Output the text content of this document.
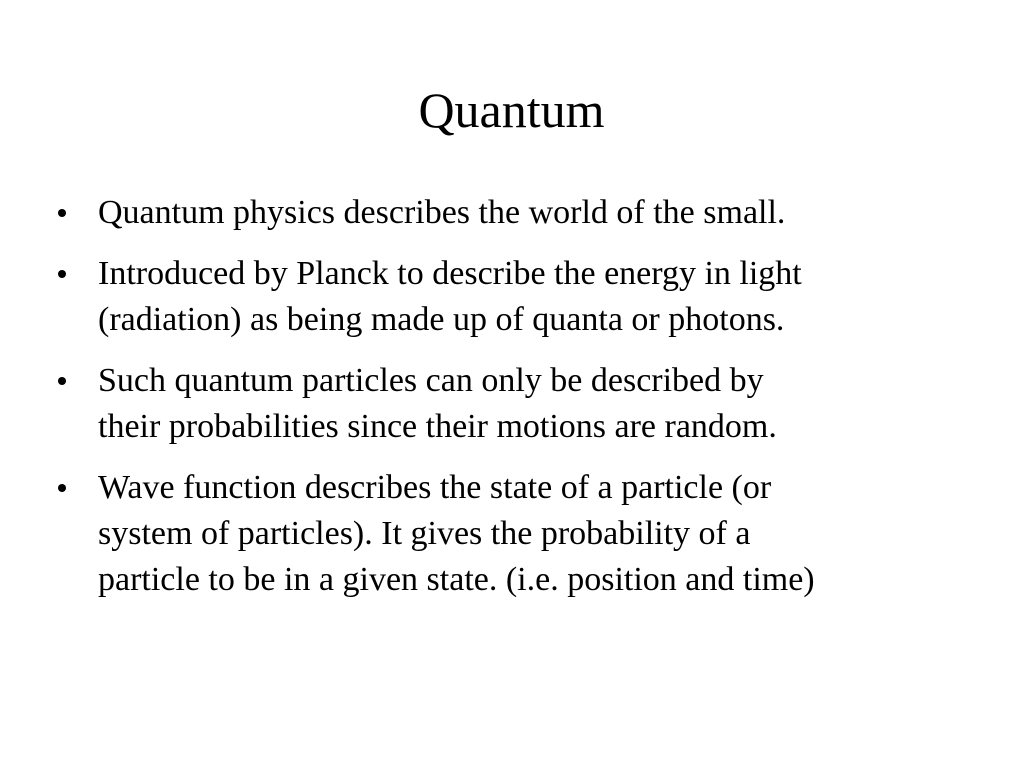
Quantum
Quantum physics describes the world of the small.
Introduced by Planck to describe the energy in light
(radiation) as being made up of quanta or photons.
Such quantum particles can only be described by
their probabilities since their motions are random.
Wave function describes the state of a particle (or
system of particles). It gives the probability of a
particle to be in a given state. (i.e. position and time)
